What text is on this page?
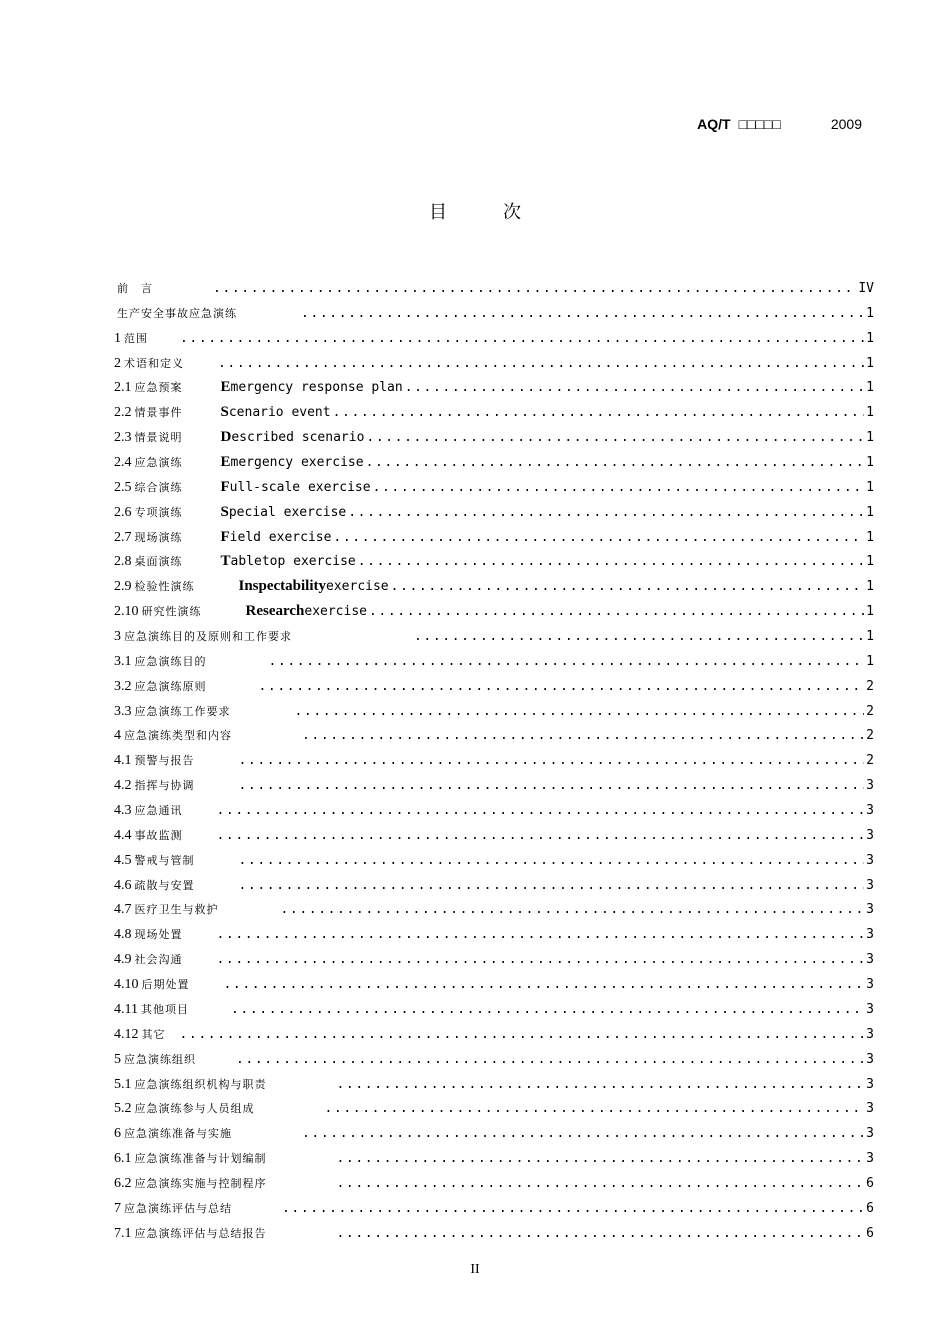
AQ/T □□□□□	2009
目次
前　言 .....	IV
生产安全事故应急演练 .....	1
1 范围 .....	1
2 术语和定义 .....	1
2.1 应急预案	E mergency response plan .....	1
2.2 情景事件	S cenario event .....	1
2.3 情景说明	D escribed scenario .....	1
2.4 应急演练	E mergency exercise .....	1
2.5 综合演练	F ull-scale exercise .....	1
2.6 专项演练	S pecial exercise .....	1
2.7 现场演练	F ield exercise .....	1
2.8 桌面演练	T abletop exercise .....	1
2.9 检验性演练	Inspectability exercise .....	1
2.10 研究性演练	Research exercise .....	1
3 应急演练目的及原则和工作要求 .....	1
3.1 应急演练目的 .....	1
3.2 应急演练原则 .....	2
3.3 应急演练工作要求 .....	2
4 应急演练类型和内容 .....	2
4.1 预警与报告 .....	2
4.2 指挥与协调 .....	3
4.3 应急通讯 .....	3
4.4 事故监测 .....	3
4.5 警戒与管制 .....	3
4.6 疏散与安置 .....	3
4.7 医疗卫生与救护 .....	3
4.8 现场处置 .....	3
4.9 社会沟通 .....	3
4.10 后期处置 .....	3
4.11 其他项目 .....	3
4.12 其它 .....	3
5 应急演练组织 .....	3
5.1 应急演练组织机构与职责 .....	3
5.2 应急演练参与人员组成 .....	3
6 应急演练准备与实施 .....	3
6.1 应急演练准备与计划编制 .....	3
6.2 应急演练实施与控制程序 .....	6
7 应急演练评估与总结 .....	6
7.1 应急演练评估与总结报告 .....	6
II
